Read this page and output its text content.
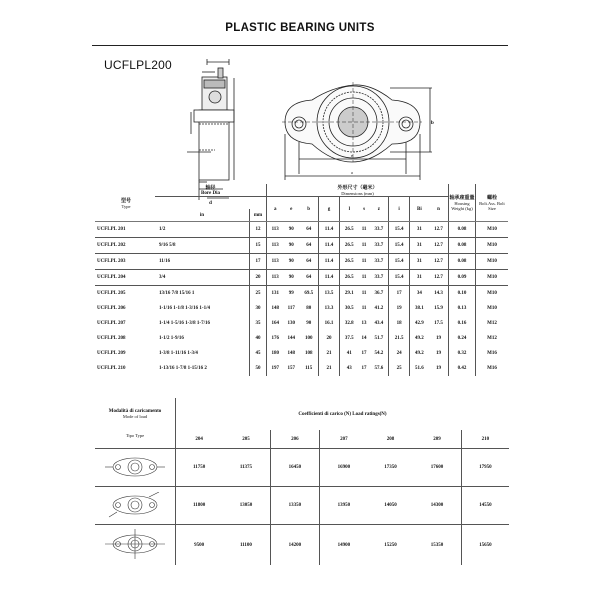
PLASTIC BEARING UNITS
UCFLPL200
b
e
a
型号
Type

轴径
Bore Dia

外形尺寸（毫米）
Dimensions (mm)

轴承座重量
Housing Weight (kg)

螺栓
Bolt.Ass. Bolt Size

	d		a	e	b	g	l	s	z	i	Bi	n		
	in	mm												
UCFLPL 201	1/2	12	113	90	64	11.4	26.5	11	33.7	15.4	31	12.7	0.08	M10
UCFLPL 202	9/16 5/8	15	113	90	64	11.4	26.5	11	33.7	15.4	31	12.7	0.08	M10
UCFLPL 203	11/16	17	113	90	64	11.4	26.5	11	33.7	15.4	31	12.7	0.08	M10
UCFLPL 204	3/4	20	113	90	64	11.4	26.5	11	33.7	15.4	31	12.7	0.09	M10
UCFLPL 205	13/16 7/8 15/16 1	25	131	99	69.5	13.5	29.1	11	36.7	17	34	14.3	0.10	M10
UCFLPL 206	1-1/16 1-1/8 1-3/16 1-1/4	30	148	117	80	13.3	30.5	11	41.2	19	38.1	15.9	0.13	M10
UCFLPL 207	1-1/4 1-5/16 1-3/8 1-7/16	35	164	130	90	16.1	32.8	13	43.4	18	42.9	17.5	0.16	M12
UCFLPL 208	1-1/2 1-9/16	40	176	144	100	20	37.5	14	51.7	21.5	49.2	19	0.24	M12
UCFLPL 209	1-3/8 1-11/16 1-3/4	45	180	148	108	21	41	17	54.2	24	49.2	19	0.32	M16
UCFLPL 210	1-13/16 1-7/8 1-15/16 2	50	197	157	115	21	43	17	57.6	25	51.6	19	0.42	M16
Modalità di caricamento
Mode of load
Tipo Type	Coefficienti di carico (N) Load ratings(N)						
	204	205	206	207	208	209	210
	11750	11375	16450	16900	17350	17600	17950
	11800	13050	13350	13950	14050	14300	14550
	9500	11100	14200	14900	15250	15350	15650
